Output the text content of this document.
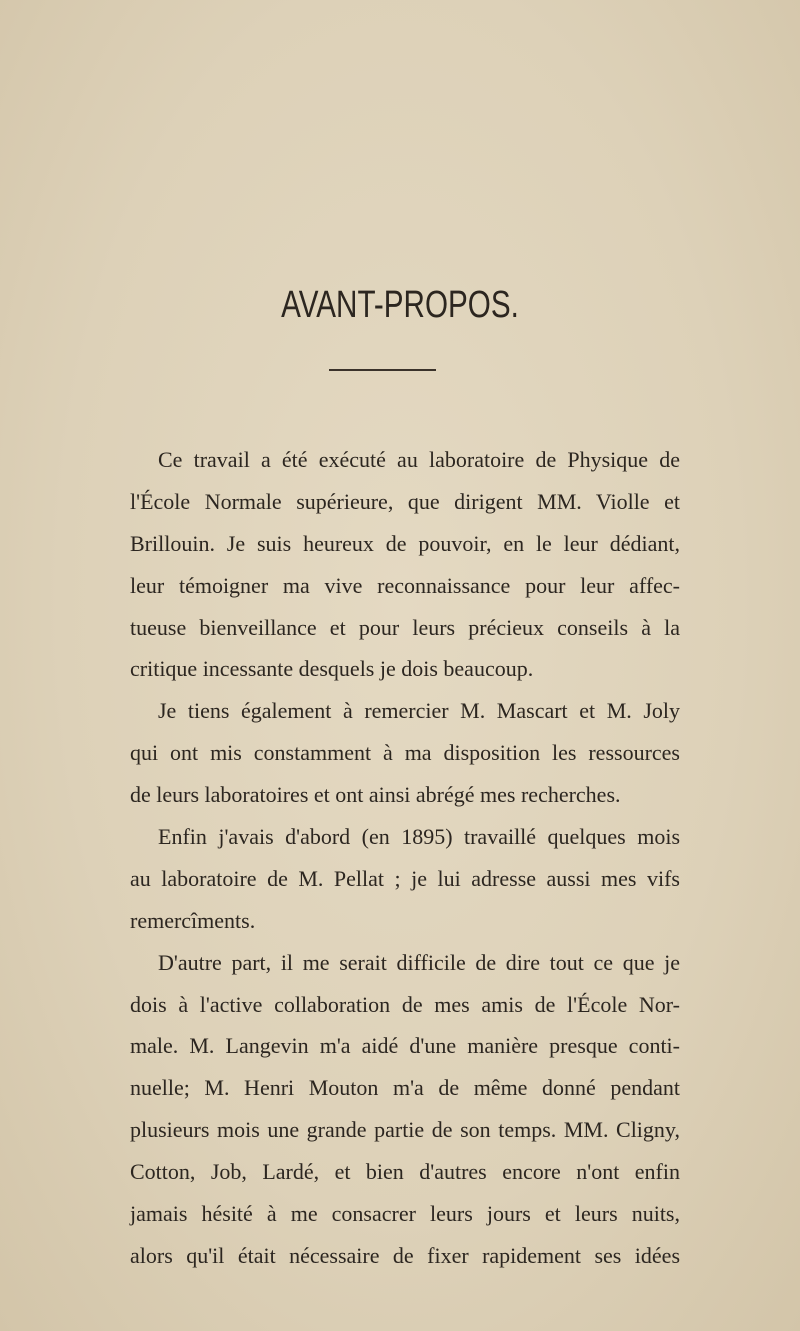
AVANT-PROPOS.
Ce travail a été exécuté au laboratoire de Physique de
l'École Normale supérieure, que dirigent MM. Violle et
Brillouin. Je suis heureux de pouvoir, en le leur dédiant,
leur témoigner ma vive reconnaissance pour leur affec-
tueuse bienveillance et pour leurs précieux conseils à la
critique incessante desquels je dois beaucoup.
Je tiens également à remercier M. Mascart et M. Joly
qui ont mis constamment à ma disposition les ressources
de leurs laboratoires et ont ainsi abrégé mes recherches.
Enfin j'avais d'abord (en 1895) travaillé quelques mois
au laboratoire de M. Pellat ; je lui adresse aussi mes vifs
remercîments.
D'autre part, il me serait difficile de dire tout ce que je
dois à l'active collaboration de mes amis de l'École Nor-
male. M. Langevin m'a aidé d'une manière presque conti-
nuelle; M. Henri Mouton m'a de même donné pendant
plusieurs mois une grande partie de son temps. MM. Cligny,
Cotton, Job, Lardé, et bien d'autres encore n'ont enfin
jamais hésité à me consacrer leurs jours et leurs nuits,
alors qu'il était nécessaire de fixer rapidement ses idées
